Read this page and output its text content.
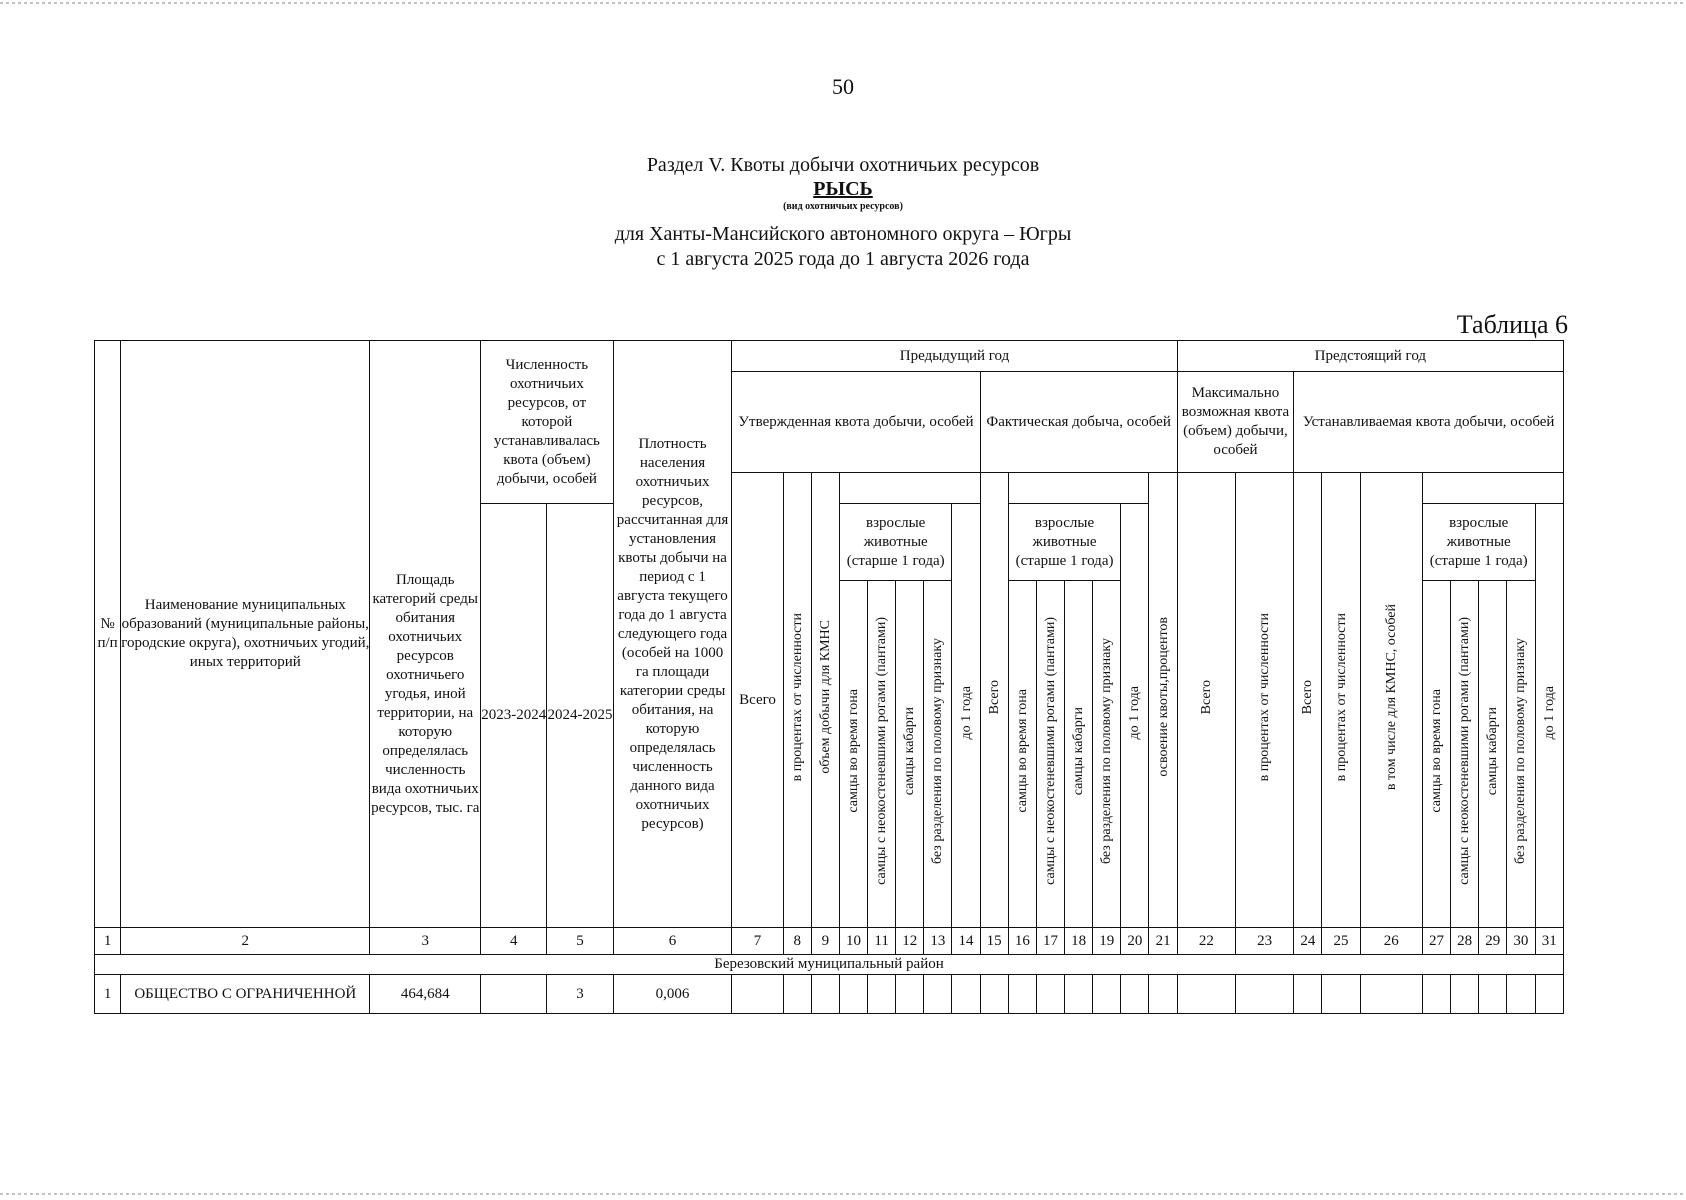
50
Раздел V. Квоты добычи охотничьих ресурсов
РЫСЬ
(вид охотничьих ресурсов)
для Ханты-Мансийского автономного округа – Югры
с 1 августа 2025 года до 1 августа 2026 года
Таблица 6
№ п/п	Наименование муниципальных образований (муниципальные районы, городские округа), охотничьих угодий, иных территорий	Площадь категорий среды обитания охотничьих ресурсов охотничьего угодья, иной территории, на которую определялась численность вида охотничьих ресурсов, тыс. га	Численность охотничьих ресурсов, от которой устанавливалась квота (объем) добычи, особей		Плотность населения охотничьих ресурсов, рассчитанная для установления квоты добычи на период с 1 августа текущего года до 1 августа следующего года (особей на 1000 га площади категории среды обитания, на которую определялась численность данного вида охотничьих ресурсов)	Предыдущий год															Предстоящий год									
						Утвержденная квота добычи, особей								Фактическая добыча, особей							Максимально возможная квота (объем) добычи, особей		Устанавливаемая квота добычи, особей							
						Всего	в процентах от численности	объем добычи для КМНС						Всего						освоение квоты,процентов	Всего	в процентах от численности	Всего	в процентах от численности	в том числе для КМНС, особей					
			2023-2024	2024-2025					взрослые животные (старше 1 года)				до 1 года		взрослые животные (старше 1 года)				до 1 года							взрослые животные (старше 1 года)				до 1 года
									самцы во время гона	самцы с неокостеневшими рогами (пантами)	самцы кабарги	без разделения по половому признаку			самцы во время гона	самцы с неокостеневшими рогами (пантами)	самцы кабарги	без разделения по половому признаку								самцы во время гона	самцы с неокостеневшими рогами (пантами)	самцы кабарги	без разделения по половому признаку	
1	2	3	4	5	6	7	8	9	10	11	12	13	14	15	16	17	18	19	20	21	22	23	24	25	26	27	28	29	30	31
Березовский муниципальный район																														
1	ОБЩЕСТВО С ОГРАНИЧЕННОЙ	464,684		3	0,006																									
